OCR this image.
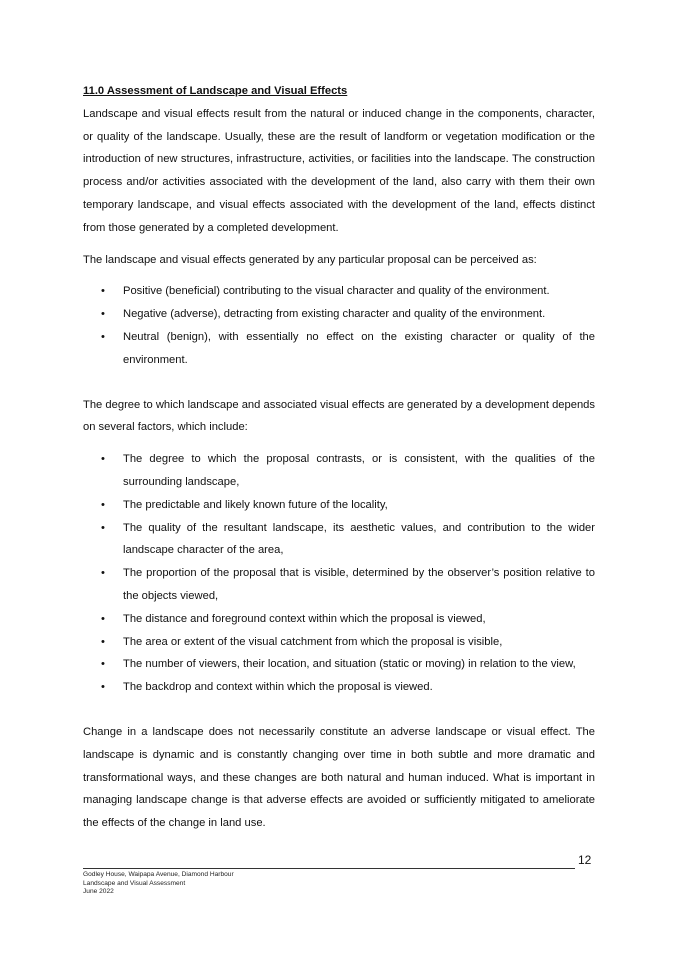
11.0 Assessment of Landscape and Visual Effects

Landscape and visual effects result from the natural or induced change in the components, character, or quality of the landscape. Usually, these are the result of landform or vegetation modification or the introduction of new structures, infrastructure, activities, or facilities into the landscape. The construction process and/or activities associated with the development of the land, also carry with them their own temporary landscape, and visual effects associated with the development of the land, effects distinct from those generated by a completed development.

The landscape and visual effects generated by any particular proposal can be perceived as:

• Positive (beneficial) contributing to the visual character and quality of the environment.
• Negative (adverse), detracting from existing character and quality of the environment.
• Neutral (benign), with essentially no effect on the existing character or quality of the environment.

The degree to which landscape and associated visual effects are generated by a development depends on several factors, which include:

• The degree to which the proposal contrasts, or is consistent, with the qualities of the surrounding landscape,
• The predictable and likely known future of the locality,
• The quality of the resultant landscape, its aesthetic values, and contribution to the wider landscape character of the area,
• The proportion of the proposal that is visible, determined by the observer’s position relative to the objects viewed,
• The distance and foreground context within which the proposal is viewed,
• The area or extent of the visual catchment from which the proposal is visible,
• The number of viewers, their location, and situation (static or moving) in relation to the view,
• The backdrop and context within which the proposal is viewed.

Change in a landscape does not necessarily constitute an adverse landscape or visual effect. The landscape is dynamic and is constantly changing over time in both subtle and more dramatic and transformational ways, and these changes are both natural and human induced. What is important in managing landscape change is that adverse effects are avoided or sufficiently mitigated to ameliorate the effects of the change in land use.

12
Godley House, Waipapa Avenue, Diamond Harbour
Landscape and Visual Assessment
June 2022
